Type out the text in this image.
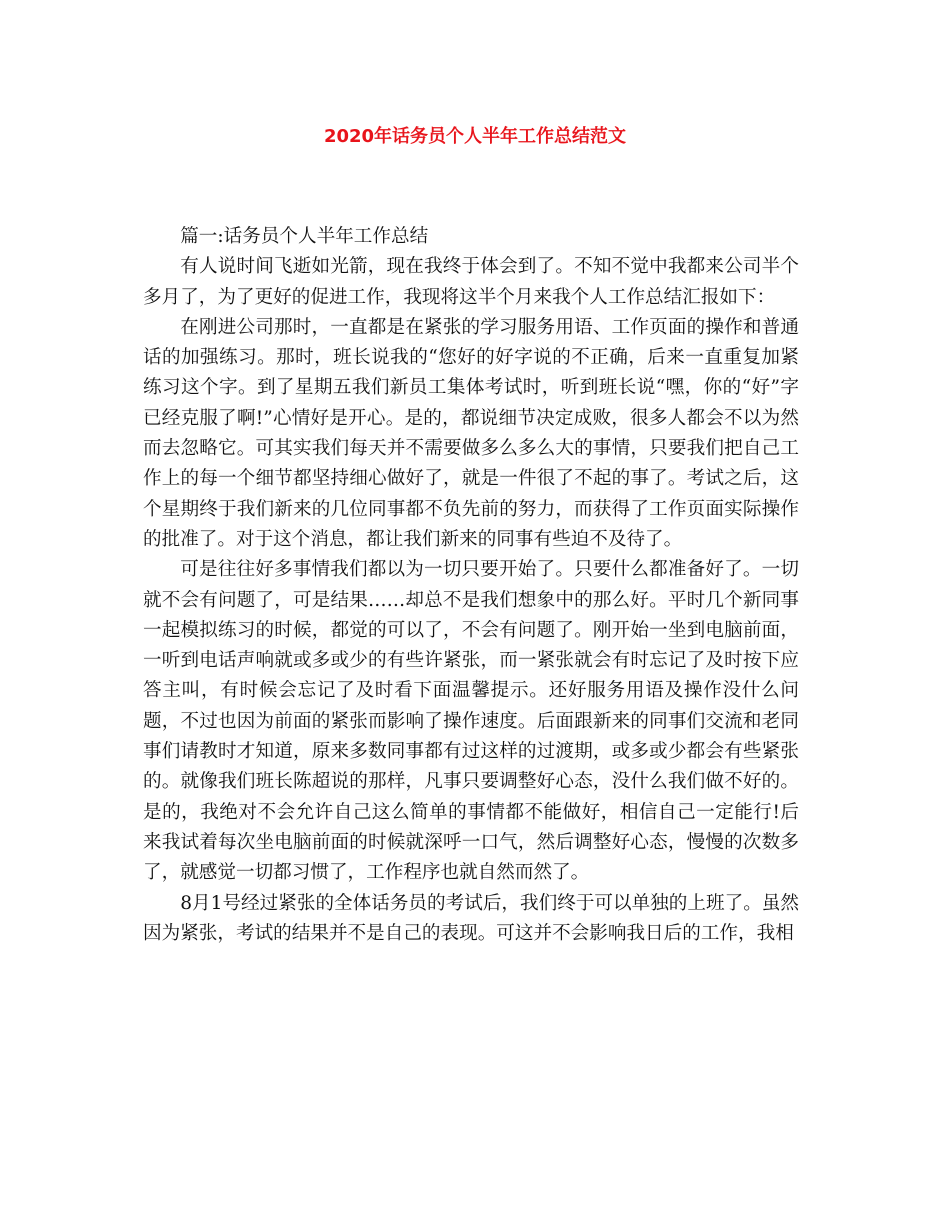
2020年话务员个人半年工作总结范文

篇一:话务员个人半年工作总结

有人说时间飞逝如光箭，现在我终于体会到了。不知不觉中我都来公司半个多月了，为了更好的促进工作，我现将这半个月来我个人工作总结汇报如下：

在刚进公司那时，一直都是在紧张的学习服务用语、工作页面的操作和普通话的加强练习。那时，班长说我的“您好的好字说的不正确，后来一直重复加紧练习这个字。到了星期五我们新员工集体考试时，听到班长说“嘿，你的“好”字已经克服了啊!”心情好是开心。是的，都说细节决定成败，很多人都会不以为然而去忽略它。可其实我们每天并不需要做多么多么大的事情，只要我们把自己工作上的每一个细节都坚持细心做好了，就是一件很了不起的事了。考试之后，这个星期终于我们新来的几位同事都不负先前的努力，而获得了工作页面实际操作的批准了。对于这个消息，都让我们新来的同事有些迫不及待了。

可是往往好多事情我们都以为一切只要开始了。只要什么都准备好了。一切就不会有问题了，可是结果……却总不是我们想象中的那么好。平时几个新同事一起模拟练习的时候，都觉的可以了，不会有问题了。刚开始一坐到电脑前面，一听到电话声响就或多或少的有些许紧张，而一紧张就会有时忘记了及时按下应答主叫，有时候会忘记了及时看下面温馨提示。还好服务用语及操作没什么问题，不过也因为前面的紧张而影响了操作速度。后面跟新来的同事们交流和老同事们请教时才知道，原来多数同事都有过这样的过渡期，或多或少都会有些紧张的。就像我们班长陈超说的那样，凡事只要调整好心态，没什么我们做不好的。是的，我绝对不会允许自己这么简单的事情都不能做好，相信自己一定能行!后来我试着每次坐电脑前面的时候就深呼一口气，然后调整好心态，慢慢的次数多了，就感觉一切都习惯了，工作程序也就自然而然了。

8月1号经过紧张的全体话务员的考试后，我们终于可以单独的上班了。虽然因为紧张，考试的结果并不是自己的表现。可这并不会影响我日后的工作，我相
